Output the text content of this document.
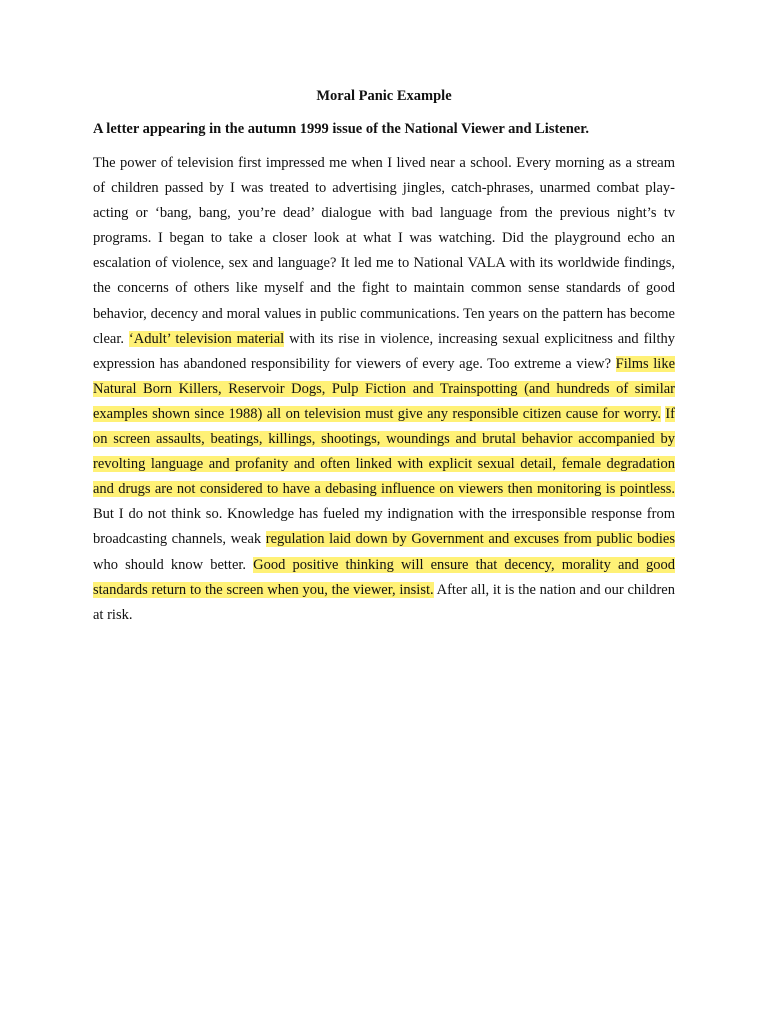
Moral Panic Example

A letter appearing in the autumn 1999 issue of the National Viewer and Listener.

The power of television first impressed me when I lived near a school. Every morning as a stream of children passed by I was treated to advertising jingles, catch-phrases, unarmed combat play-acting or ‘bang, bang, you’re dead’ dialogue with bad language from the previous night’s tv programs. I began to take a closer look at what I was watching. Did the playground echo an escalation of violence, sex and language? It led me to National VALA with its worldwide findings, the concerns of others like myself and the fight to maintain common sense standards of good behavior, decency and moral values in public communications. Ten years on the pattern has become clear. ‘Adult’ television material with its rise in violence, increasing sexual explicitness and filthy expression has abandoned responsibility for viewers of every age. Too extreme a view? Films like Natural Born Killers, Reservoir Dogs, Pulp Fiction and Trainspotting (and hundreds of similar examples shown since 1988) all on television must give any responsible citizen cause for worry. If on screen assaults, beatings, killings, shootings, woundings and brutal behavior accompanied by revolting language and profanity and often linked with explicit sexual detail, female degradation and drugs are not considered to have a debasing influence on viewers then monitoring is pointless. But I do not think so. Knowledge has fueled my indignation with the irresponsible response from broadcasting channels, weak regulation laid down by Government and excuses from public bodies who should know better. Good positive thinking will ensure that decency, morality and good standards return to the screen when you, the viewer, insist. After all, it is the nation and our children at risk.
